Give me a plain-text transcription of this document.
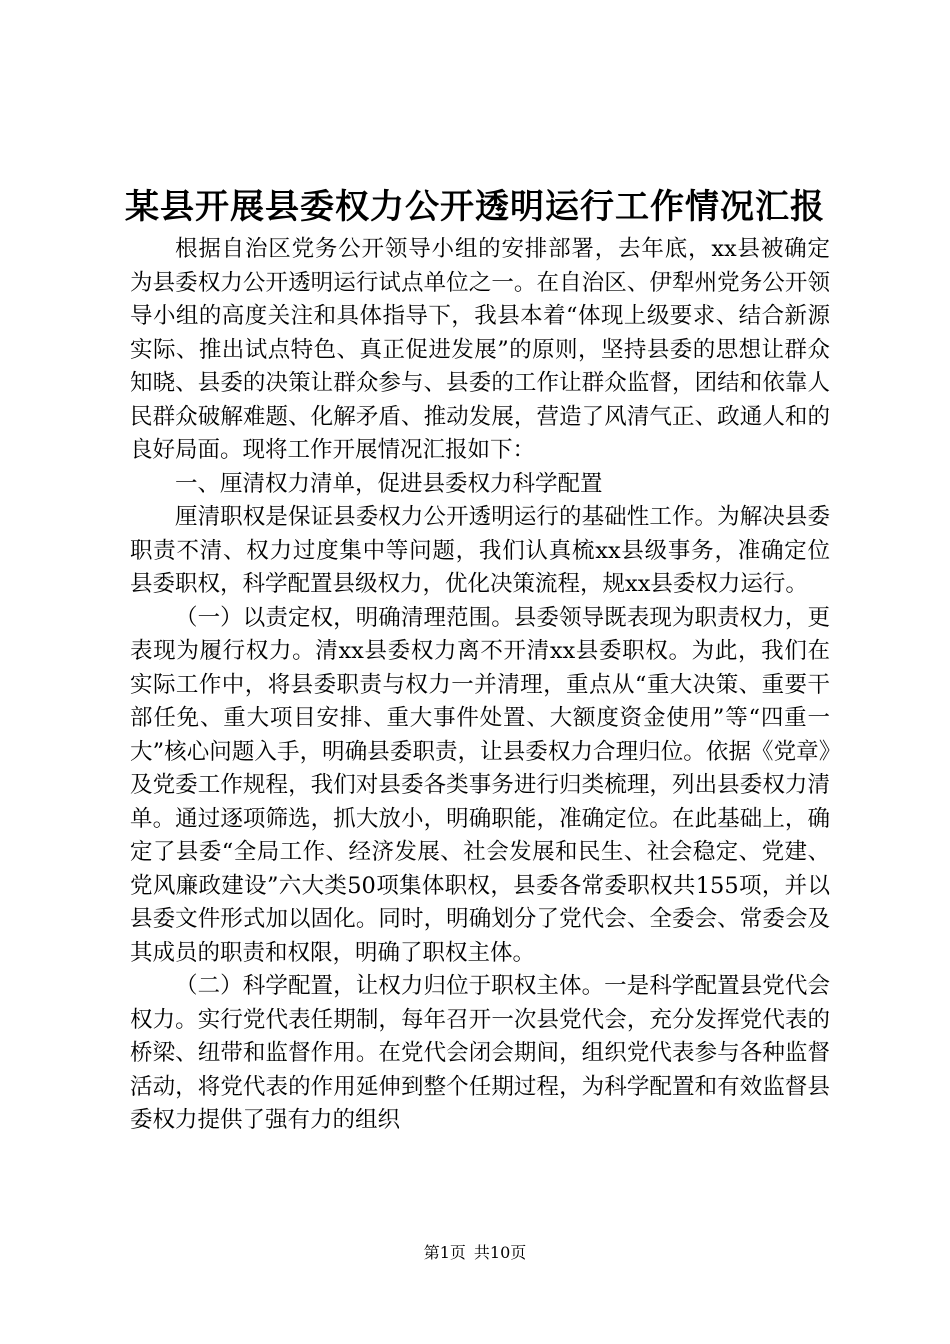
某县开展县委权力公开透明运行工作情况汇报

根据自治区党务公开领导小组的安排部署，去年底，xx县被确定为县委权力公开透明运行试点单位之一。在自治区、伊犁州党务公开领导小组的高度关注和具体指导下，我县本着“体现上级要求、结合新源实际、推出试点特色、真正促进发展”的原则，坚持县委的思想让群众知晓、县委的决策让群众参与、县委的工作让群众监督，团结和依靠人民群众破解难题、化解矛盾、推动发展，营造了风清气正、政通人和的良好局面。现将工作开展情况汇报如下：

一、厘清权力清单，促进县委权力科学配置

厘清职权是保证县委权力公开透明运行的基础性工作。为解决县委职责不清、权力过度集中等问题，我们认真梳xx县级事务，准确定位县委职权，科学配置县级权力，优化决策流程，规xx县委权力运行。

（一）以责定权，明确清理范围。县委领导既表现为职责权力，更表现为履行权力。清xx县委权力离不开清xx县委职权。为此，我们在实际工作中，将县委职责与权力一并清理，重点从“重大决策、重要干部任免、重大项目安排、重大事件处置、大额度资金使用”等“四重一大”核心问题入手，明确县委职责，让县委权力合理归位。依据《党章》及党委工作规程，我们对县委各类事务进行归类梳理，列出县委权力清单。通过逐项筛选，抓大放小，明确职能，准确定位。在此基础上，确定了县委“全局工作、经济发展、社会发展和民生、社会稳定、党建、党风廉政建设”六大类50项集体职权，县委各常委职权共155项，并以县委文件形式加以固化。同时，明确划分了党代会、全委会、常委会及其成员的职责和权限，明确了职权主体。

（二）科学配置，让权力归位于职权主体。一是科学配置县党代会权力。实行党代表任期制，每年召开一次县党代会，充分发挥党代表的桥梁、纽带和监督作用。在党代会闭会期间，组织党代表参与各种监督活动，将党代表的作用延伸到整个任期过程，为科学配置和有效监督县委权力提供了强有力的组织

第1页 共10页
